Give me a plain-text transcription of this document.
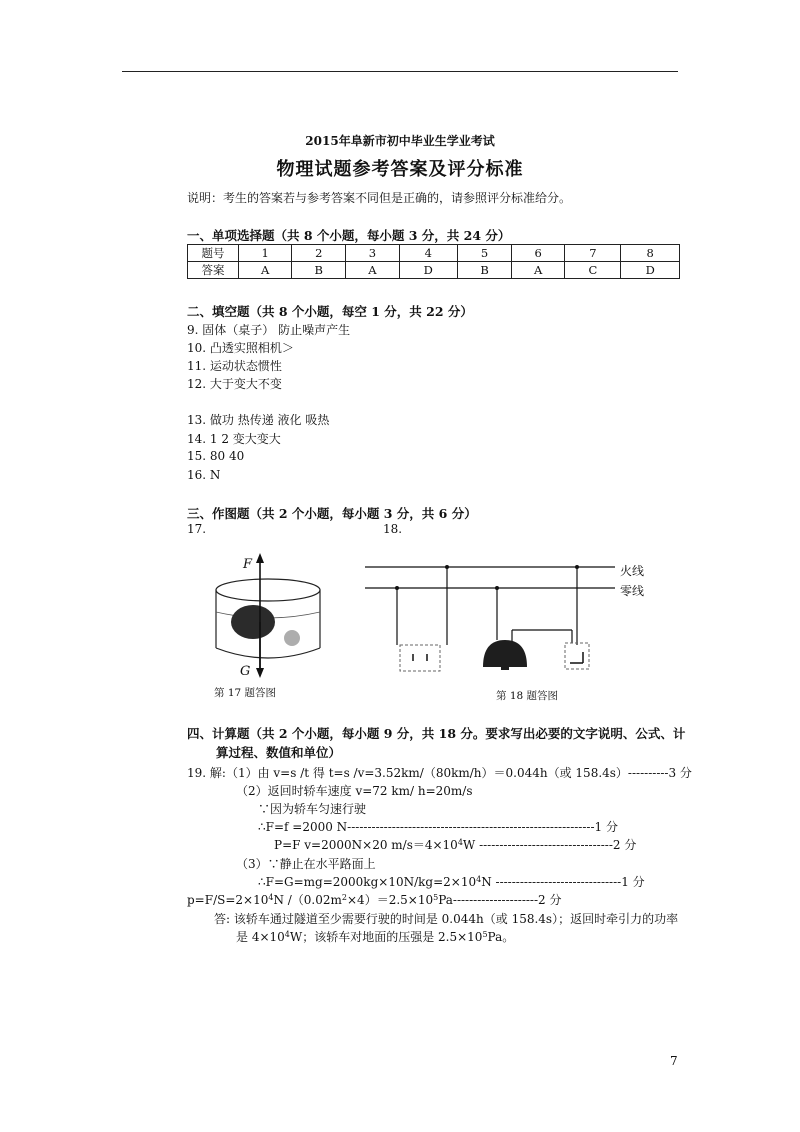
2015年阜新市初中毕业生学业考试
物理试题参考答案及评分标准
说明：考生的答案若与参考答案不同但是正确的，请参照评分标准给分。
一、单项选择题（共 8 个小题，每小题 3 分，共 24 分）
题号	1	2	3	4	5	6	7	8
答案	A	B	A	D	B	A	C	D
二、填空题（共 8 个小题，每空 1 分，共 22 分）
9. 固体（桌子） 防止噪声产生
10. 凸透实照相机＞
11. 运动状态惯性
12. 大于变大不变
13. 做功 热传递 液化 吸热
14. 1 2 变大变大
15. 80 40
16. N
三、作图题（共 2 个小题，每小题 3 分，共 6 分）
17.	18.
F
G
第 17 题答图
火线
零线
第 18 题答图
四、计算题（共 2 个小题，每小题 9 分，共 18 分。要求写出必要的文字说明、公式、计
算过程、数值和单位）
19. 解:（1）由 v=s /t 得 t=s /v=3.52km/（80km/h）＝0.044h（或 158.4s）----------3 分
（2）返回时轿车速度 v=72 km/ h=20m/s
∵因为轿车匀速行驶
∴F=f =2000 N-------------------------------------------------------------1 分
P=F v=2000N×20 $m/s=4\times 10^4W$ ---------------------------------2 分
（3）∵静止在水平路面上
$\therefore F=G=mg=2000kg\times 10N/kg=2\times 10^4N$ -------------------------------1 分
$p=F/S=2\times 10^4N$ $/(0.02m^2\times 4)=2.5\times 10^5Pa---------------------2$ 分
答: 该轿车通过隧道至少需要行驶的时间是 0.044h（或 158.4s）；返回时牵引力的功率
是 $4\times 10^4W$；该轿车对地面的压强是 $2.5\times 10^5Pa$。
7
